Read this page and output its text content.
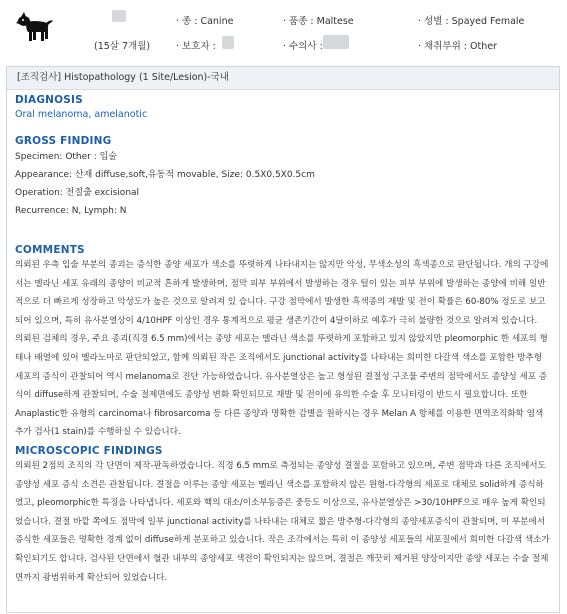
(15살 7개월)
· 종 : Canine
· 보호자 :
· 품종 : Maltese
· 수의사 :
· 성별 : Spayed Female
· 채취부위 : Other
[조직검사] Histopathology (1 Site/Lesion)-국내

DIAGNOSIS

Oral melanoma, amelanotic

GROSS FINDING

Specimen: Other : 입술

Appearance: 산재 diffuse,soft,유동적 movable, Size: 0.5X0.5X0.5cm

Operation: 전절출 excisional

Recurrence: N, Lymph: N

COMMENTS

의뢰된 우측 입술 부분의 종괴는 증식한 종양 세포가 색소를 뚜렷하게 나타내지는 않지만 악성, 무색소성의 흑색종으로 판단됩니다. 개의 구강에서는 멜라닌 세포 유래의 종양이 비교적 흔하게 발생하며, 점막 피부 부위에서 발생하는 경우 털이 있는 피부 부위에 발생하는 종양에 비해 일반적으로 더 빠르게 성장하고 악성도가 높은 것으로 알려져 있 습니다. 구강 점막에서 발생한 흑색종의 재발 및 전이 확률은 60-80% 정도로 보고 되어 있으며, 특히 유사분열상이 4/10HPF 이상인 경우 통계적으로 평균 생존기간이 4달이하로 예후가 극히 불량한 것으로 알려져 있습니다.

의뢰된 검체의 경우, 주요 종괴(직경 6.5 mm)에서는 종양 세포는 멜라닌 색소를 뚜렷하게 포함하고 있지 않았지만 pleomorphic 한 세포의 형태나 배열에 있어 멜라노마로 판단되었고, 함께 의뢰된 작은 조직에서도 junctional activity를 나타내는 희미한 다갈색 색소를 포함한 방추형 세포의 증식이 관찰되어 역시 melanoma로 진단 가능하였습니다. 유사분열상은 높고 형성된 결절성 구조물 주변의 점막에서도 종양성 세포 증식이 diffuse하게 관찰되며, 수술 절제면에도 종양성 변화 확인되므로 재발 및 전이에 유의한 수술 후 모니터링이 반드시 필요합니다. 또한 Anaplastic한 유형의 carcinoma나 fibrosarcoma 등 다른 종양과 명확한 감별을 원하시는 경우 Melan A 항체를 이용한 면역조직화학 염색 추가 검사(1 stain)를 수행하실 수 있습니다.

MICROSCOPIC FINDINGS

의뢰된 2점의 조직의 각 단면이 제작-판독하였습니다. 직경 6.5 mm로 측정되는 종양성 결절을 포함하고 있으며, 주변 점막과 다른 조직에서도 종양성 세포 증식 소견은 관찰됩니다. 결절을 이루는 종양 세포는 멜라닌 색소를 포함하지 않은 원형-다각형의 세포로 대체로 solid하게 증식하였고, pleomorphic한 특징을 나타냅니다. 세포와 핵의 대소/이소부동증은 중등도 이상으로, 유사분열상은 >30/10HPF으로 매우 높게 확인되었습니다. 결절 바깥 쪽에도 점막에 일부 junctional activity를 나타내는 대체로 짧은 방추형-다각형의 종양세포증식이 관찰되며, 이 부분에서 증식한 세포들은 명확한 경계 없이 diffuse하게 분포하고 있습니다. 작은 조각에서는 특히 이 종양성 세포들의 세포질에서 희미한 다갈색 색소가 확인되기도 합니다. 검사된 단면에서 혈관 내부의 종양세포 색전이 확인되지는 않으며, 결절은 깨끗히 제거된 양상이지만 종양 세포는 수술 절제면까지 광범위하게 확산되어 있었습니다.
